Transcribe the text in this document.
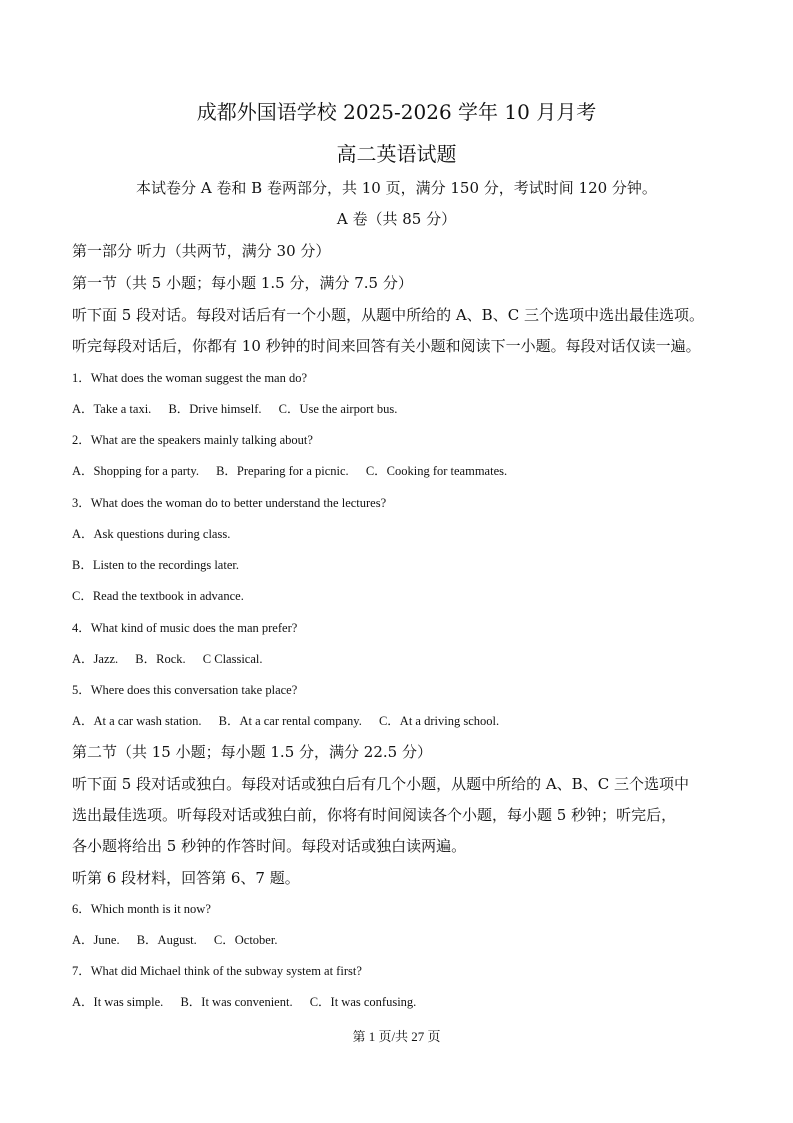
成都外国语学校 2025-2026 学年 10 月月考
高二英语试题
本试卷分 A 卷和 B 卷两部分，共 10 页，满分 150 分，考试时间 120 分钟。
A 卷（共 85 分）
第一部分 听力（共两节，满分 30 分）
第一节（共 5 小题；每小题 1.5 分，满分 7.5 分）
听下面 5 段对话。每段对话后有一个小题，从题中所给的 A、B、C 三个选项中选出最佳选项。
听完每段对话后，你都有 10 秒钟的时间来回答有关小题和阅读下一小题。每段对话仅读一遍。
1．What does the woman suggest the man do?
A．Take a taxi. B．Drive himself. C．Use the airport bus.
2．What are the speakers mainly talking about?
A．Shopping for a party. B．Preparing for a picnic. C．Cooking for teammates.
3．What does the woman do to better understand the lectures?
A．Ask questions during class.
B．Listen to the recordings later.
C．Read the textbook in advance.
4．What kind of music does the man prefer?
A．Jazz. B．Rock. C Classical.
5．Where does this conversation take place?
A．At a car wash station. B．At a car rental company. C．At a driving school.
第二节（共 15 小题；每小题 1.5 分，满分 22.5 分）
听下面 5 段对话或独白。每段对话或独白后有几个小题，从题中所给的 A、B、C 三个选项中
选出最佳选项。听每段对话或独白前，你将有时间阅读各个小题，每小题 5 秒钟；听完后，
各小题将给出 5 秒钟的作答时间。每段对话或独白读两遍。
听第 6 段材料，回答第 6、7 题。
6．Which month is it now?
A．June. B．August. C．October.
7．What did Michael think of the subway system at first?
A．It was simple. B．It was convenient. C．It was confusing.
第 1 页/共 27 页
